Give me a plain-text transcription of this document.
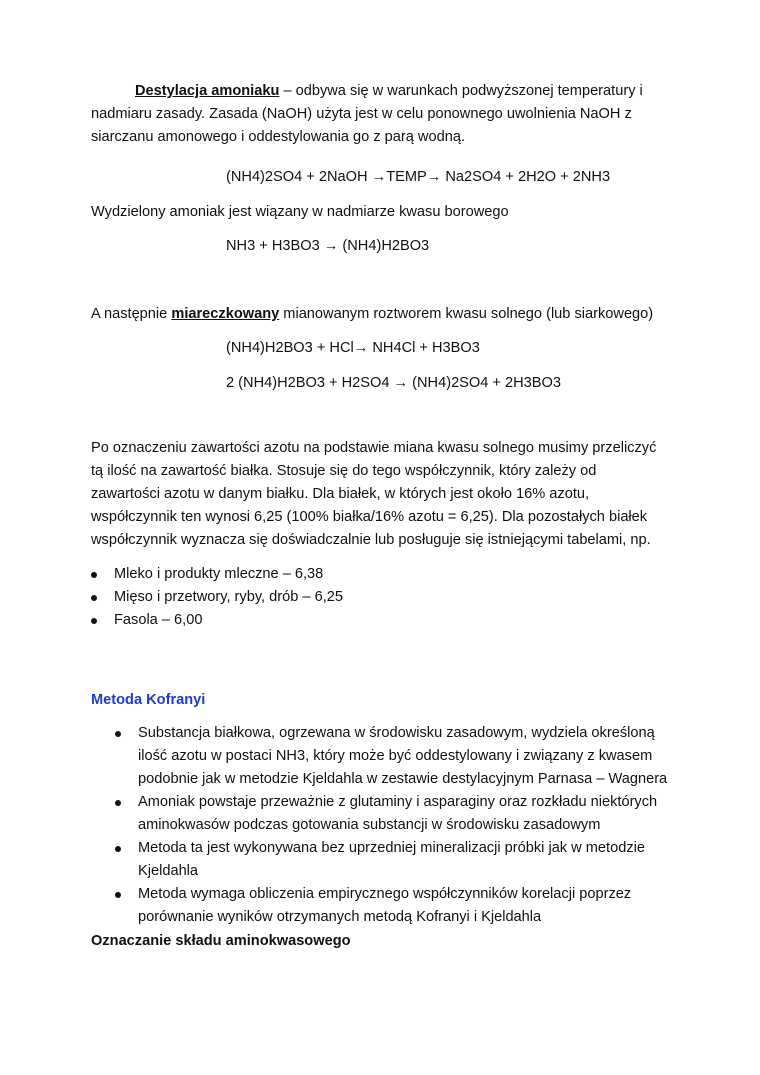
Destylacja amoniaku – odbywa się w warunkach podwyższonej temperatury i nadmiaru zasady. Zasada (NaOH) użyta jest w celu ponownego uwolnienia NaOH z siarczanu amonowego i oddestylowania go z parą wodną.

(NH4)2SO4 + 2NaOH →TEMP→ Na2SO4 + 2H2O + 2NH3

Wydzielony amoniak jest wiązany w nadmiarze kwasu borowego

NH3 + H3BO3 → (NH4)H2BO3

A następnie miareczkowany mianowanym roztworem kwasu solnego (lub siarkowego)

(NH4)H2BO3 + HCl→ NH4Cl + H3BO3
2 (NH4)H2BO3 + H2SO4 → (NH4)2SO4 + 2H3BO3

Po oznaczeniu zawartości azotu na podstawie miana kwasu solnego musimy przeliczyć tą ilość na zawartość białka. Stosuje się do tego współczynnik, który zależy od zawartości azotu w danym białku. Dla białek, w których jest około 16% azotu, współczynnik ten wynosi 6,25 (100% białka/16% azotu = 6,25). Dla pozostałych białek współczynnik wyznacza się doświadczalnie lub posługuje się istniejącymi tabelami, np.

Mleko i produkty mleczne – 6,38
Mięso i przetwory, ryby, drób – 6,25
Fasola – 6,00
Metoda Kofranyi
Substancja białkowa, ogrzewana w środowisku zasadowym, wydziela określoną ilość azotu w postaci NH3, który może być oddestylowany i związany z kwasem podobnie jak w metodzie Kjeldahla w zestawie destylacyjnym Parnasa – Wagnera
Amoniak powstaje przeważnie z glutaminy i asparaginy oraz rozkładu niektórych aminokwasów podczas gotowania substancji w środowisku zasadowym
Metoda ta jest wykonywana bez uprzedniej mineralizacji próbki jak w metodzie Kjeldahla
Metoda wymaga obliczenia empirycznego współczynników korelacji poprzez porównanie wyników otrzymanych metodą Kofranyi i Kjeldahla
Oznaczanie składu aminokwasowego
